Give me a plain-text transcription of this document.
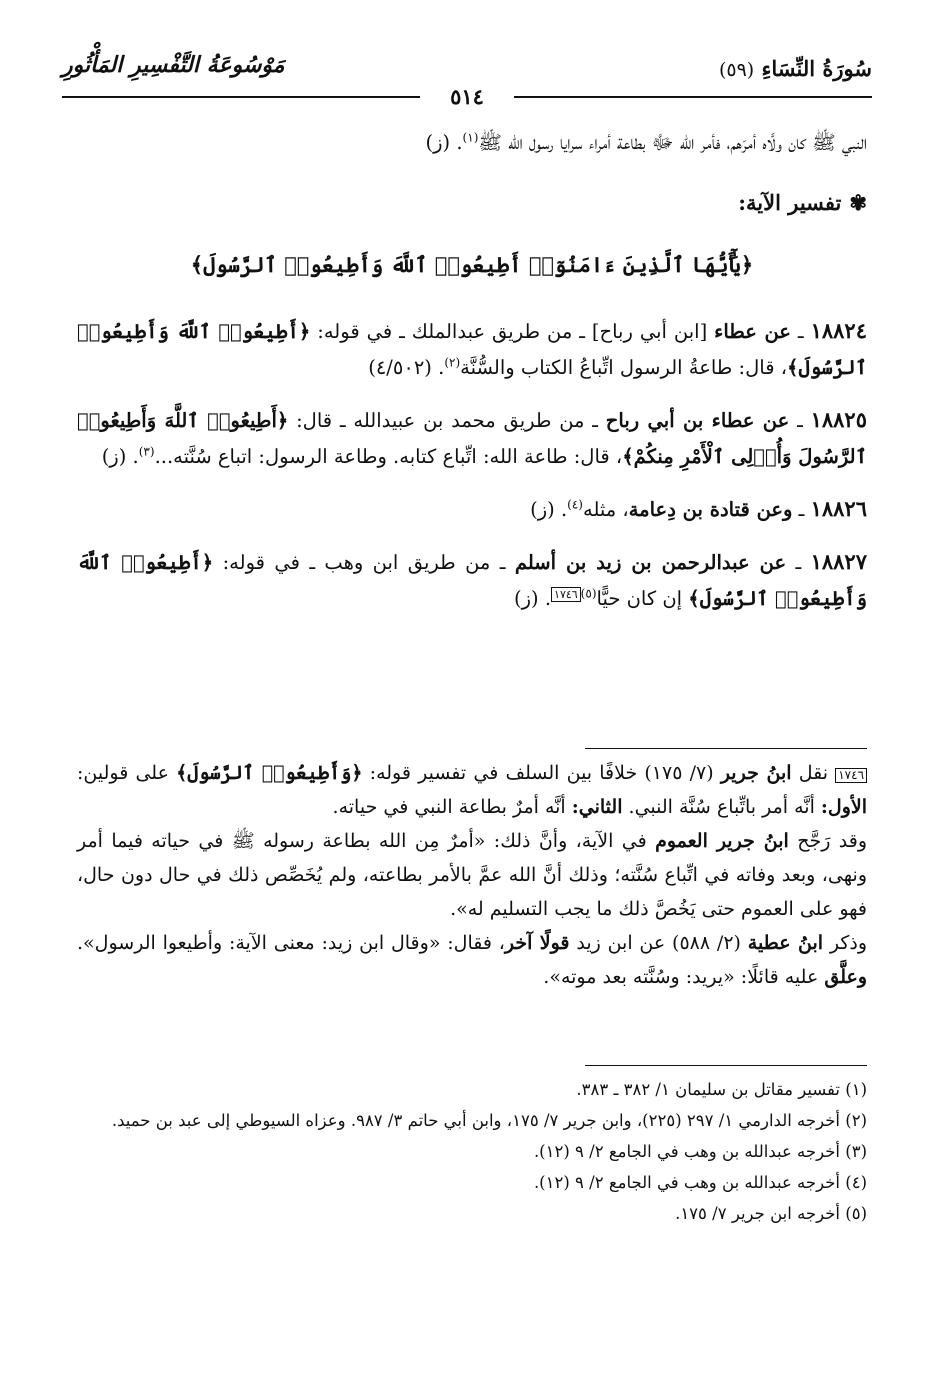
سُورَةُ النِّسَاءِ (٥٩)
٥١٤
مَوْسُوعَةُ التَّفْسِيرِ المَأْثُورِ

النبي ﷺ كان ولَّاه أمرَهم، فأمر الله ﷻ بطاعة أمراء سرايا رسول الله ﷺ$^{(١)}$. (ز)

✾تفسير الآية:
﴿يَٰٓأَيُّهَا ٱلَّذِينَ ءَامَنُوٓا۟ أَطِيعُوا۟ ٱللَّهَ وَأَطِيعُوا۟ ٱلرَّسُولَ﴾

١٨٨٢٤ ـ عن عطاء [ابن أبي رباح] ـ من طريق عبدالملك ـ في قوله: ﴿أَطِيعُوا۟ ٱللَّهَ وَأَطِيعُوا۟ ٱلرَّسُولَ﴾، قال: طاعةُ الرسول اتِّباعُ الكتاب والسُّنَّة$^{(٢)}$. (٤/٥٠٢)

١٨٨٢٥ ـ عن عطاء بن أبي رباح ـ من طريق محمد بن عبيدالله ـ قال: ﴿أَطِيعُوا۟ ٱللَّهَ وَأَطِيعُوا۟ ٱلرَّسُولَ وَأُو۟لِى ٱلْأَمْرِ مِنكُمْ﴾، قال: طاعة الله: اتِّباع كتابه. وطاعة الرسول: اتباع سُنَّته...$^{(٣)}$. (ز)

١٨٨٢٦ ـ وعن قتادة بن دِعامة، مثله$^{(٤)}$. (ز)

١٨٨٢٧ ـ عن عبدالرحمن بن زيد بن أسلم ـ من طريق ابن وهب ـ في قوله: ﴿أَطِيعُوا۟ ٱللَّهَ وَأَطِيعُوا۟ ٱلرَّسُولَ﴾ إن كان حيًّا$^{(٥)}$١٧٤٦. (ز)

١٧٤٦ نقل ابنُ جرير (٧/ ١٧٥) خلافًا بين السلف في تفسير قوله: ﴿وَأَطِيعُوا۟ ٱلرَّسُولَ﴾ على قولين: الأول: أنَّه أمر باتِّباع سُنَّة النبي. الثاني: أنَّه أمرٌ بطاعة النبي في حياته.

وقد رَجَّح ابنُ جرير العموم في الآية، وأنَّ ذلك: «أمرٌ مِن الله بطاعة رسوله ﷺ في حياته فيما أمر ونهى، وبعد وفاته في اتِّباع سُنَّته؛ وذلك أنَّ الله عمَّ بالأمر بطاعته، ولم يُخَصِّص ذلك في حال دون حال، فهو على العموم حتى يَخُصَّ ذلك ما يجب التسليم له».

وذكر ابنُ عطية (٢/ ٥٨٨) عن ابن زيد قولًا آخر، فقال: «وقال ابن زيد: معنى الآية: وأطيعوا الرسول». وعلَّق عليه قائلًا: «يريد: وسُنَّته بعد موته».

(١) تفسير مقاتل بن سليمان ١/ ٣٨٢ ـ ٣٨٣.

(٢) أخرجه الدارمي ١/ ٢٩٧ (٢٢٥)، وابن جرير ٧/ ١٧٥، وابن أبي حاتم ٣/ ٩٨٧. وعزاه السيوطي إلى عبد بن حميد.

(٣) أخرجه عبدالله بن وهب في الجامع ٢/ ٩ (١٢).

(٤) أخرجه عبدالله بن وهب في الجامع ٢/ ٩ (١٢).

(٥) أخرجه ابن جرير ٧/ ١٧٥.
